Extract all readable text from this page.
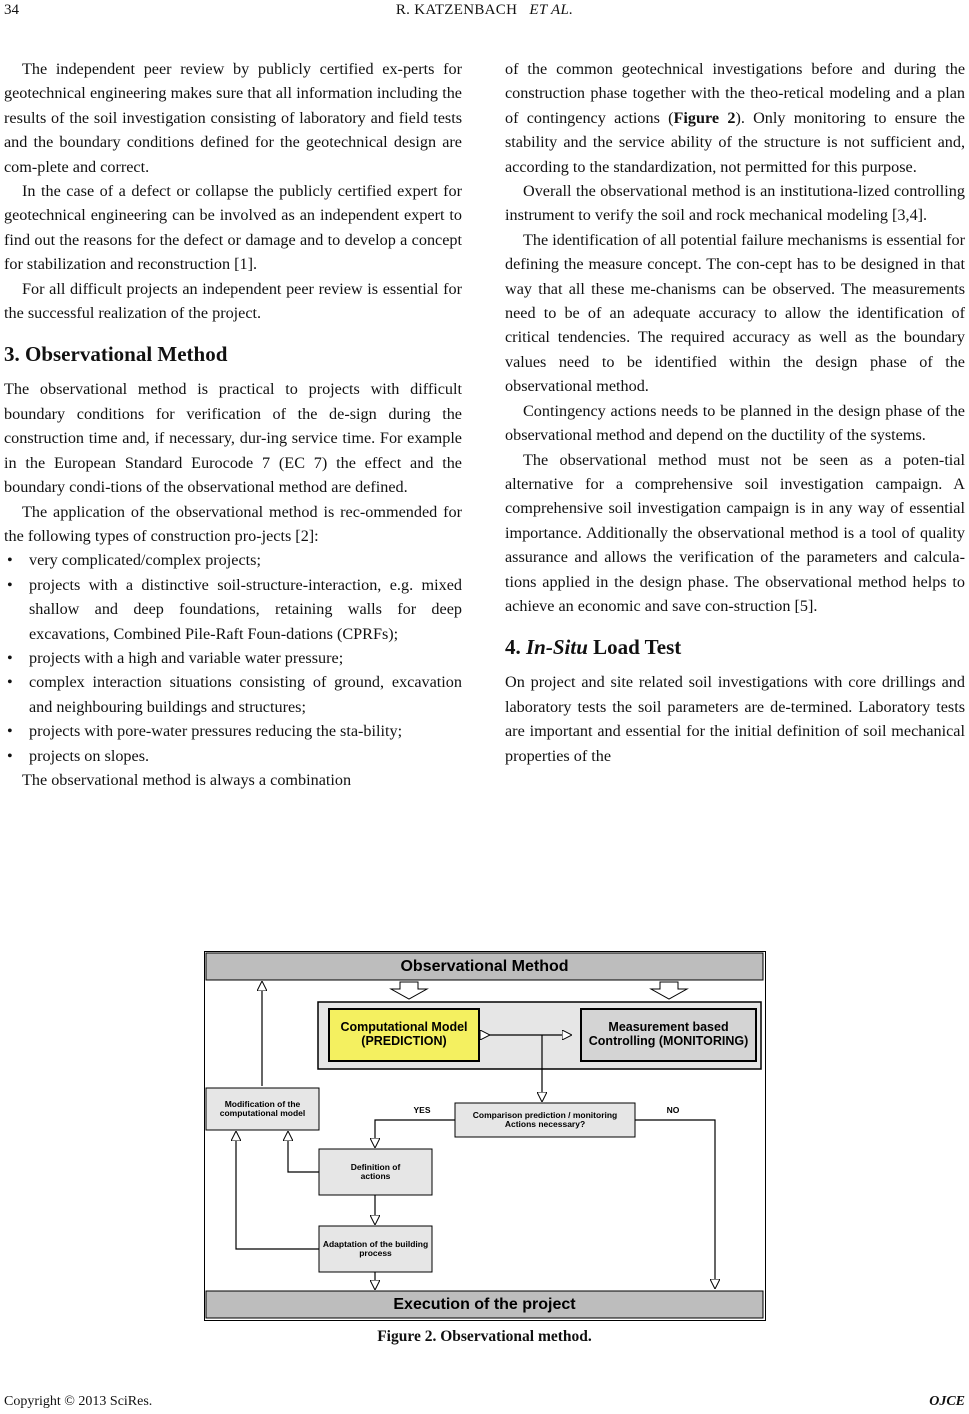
34	R. KATZENBACH ET AL.

The independent peer review by publicly certified ex-perts for geotechnical engineering makes sure that all information including the results of the soil investigation consisting of laboratory and field tests and the boundary conditions defined for the geotechnical design are com-plete and correct.

In the case of a defect or collapse the publicly certified expert for geotechnical engineering can be involved as an independent expert to find out the reasons for the defect or damage and to develop a concept for stabilization and reconstruction [1].

For all difficult projects an independent peer review is essential for the successful realization of the project.

3. Observational Method

The observational method is practical to projects with difficult boundary conditions for verification of the de-sign during the construction time and, if necessary, dur-ing service time. For example in the European Standard Eurocode 7 (EC 7) the effect and the boundary condi-tions of the observational method are defined.

The application of the observational method is rec-ommended for the following types of construction pro-jects [2]:

• very complicated/complex projects;
• projects with a distinctive soil-structure-interaction, e.g. mixed shallow and deep foundations, retaining walls for deep excavations, Combined Pile-Raft Foun-dations (CPRFs);
• projects with a high and variable water pressure;
• complex interaction situations consisting of ground, excavation and neighbouring buildings and structures;
• projects with pore-water pressures reducing the sta-bility;
• projects on slopes.

The observational method is always a combination

of the common geotechnical investigations before and during the construction phase together with the theo-retical modeling and a plan of contingency actions (Figure 2). Only monitoring to ensure the stability and the service ability of the structure is not sufficient and, according to the standardization, not permitted for this purpose.

Overall the observational method is an institutiona-lized controlling instrument to verify the soil and rock mechanical modeling [3,4].

The identification of all potential failure mechanisms is essential for defining the measure concept. The con-cept has to be designed in that way that all these me-chanisms can be observed. The measurements need to be of an adequate accuracy to allow the identification of critical tendencies. The required accuracy as well as the boundary values need to be identified within the design phase of the observational method.

Contingency actions needs to be planned in the design phase of the observational method and depend on the ductility of the systems.

The observational method must not be seen as a poten-tial alternative for a comprehensive soil investigation campaign. A comprehensive soil investigation campaign is in any way of essential importance. Additionally the observational method is a tool of quality assurance and allows the verification of the parameters and calcula-tions applied in the design phase. The observational method helps to achieve an economic and save con-struction [5].

4. In-Situ Load Test

On project and site related soil investigations with core drillings and laboratory tests the soil parameters are de-termined. Laboratory tests are important and essential for the initial definition of soil mechanical properties of the

Observational Method
Computational Model (PREDICTION)
Measurement based Controlling (MONITORING)
Modification of the computational model	Comparison prediction / monitoring Actions necessary?
YES	NO
Definition of actions
Adaptation of the building process
Execution of the project
Figure 2. Observational method.
Copyright © 2013 SciRes.	OJCE
